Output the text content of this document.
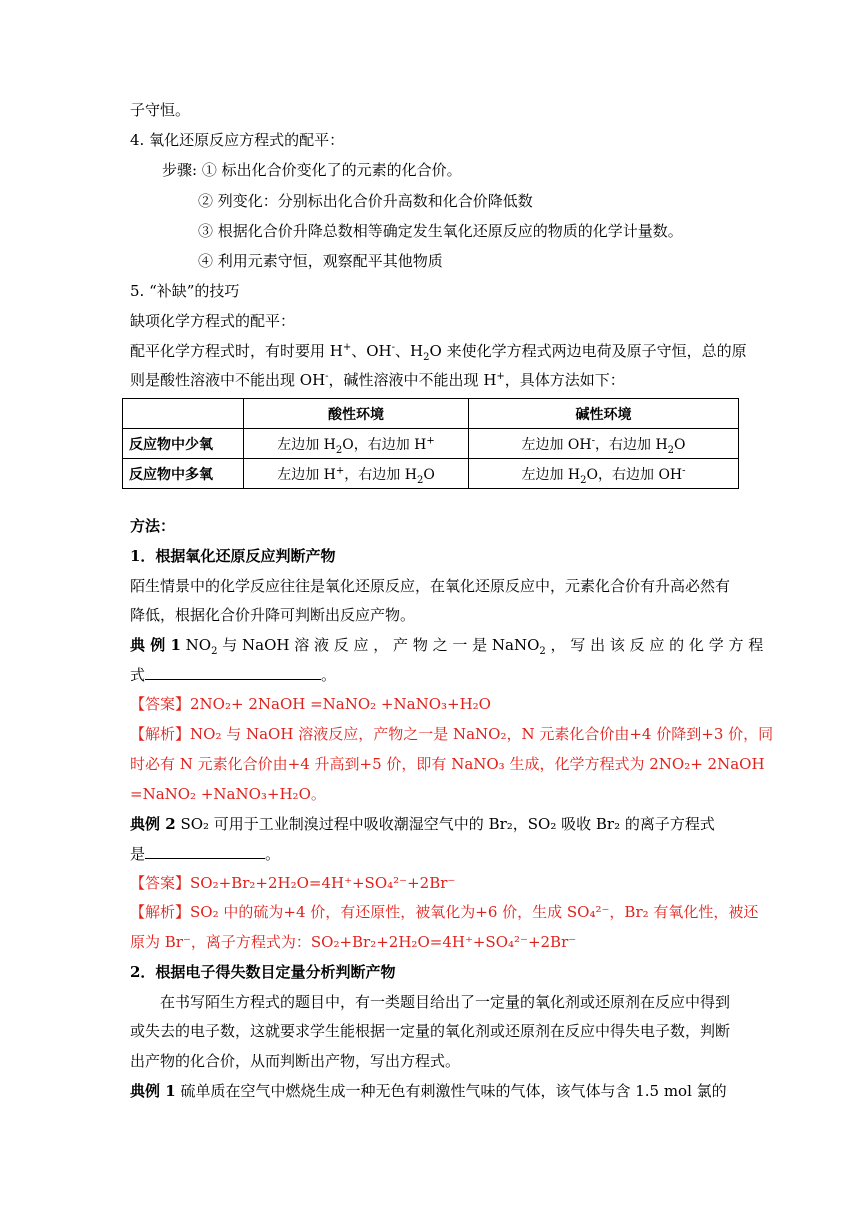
子守恒。
4. 氧化还原反应方程式的配平：
步骤: ① 标出化合价变化了的元素的化合价。
② 列变化：分别标出化合价升高数和化合价降低数
③ 根据化合价升降总数相等确定发生氧化还原反应的物质的化学计量数。
④ 利用元素守恒，观察配平其他物质
5. “补缺”的技巧
缺项化学方程式的配平：
配平化学方程式时，有时要用 H+、OH-、$H_2O$ 来使化学方程式两边电荷及原子守恒，总的原
则是酸性溶液中不能出现 OH-，碱性溶液中不能出现 H+，具体方法如下：
	酸性环境	碱性环境
反应物中少氧	左边加 $H_2O$，右边加 H+	左边加 OH-，右边加 $H_2O$
反应物中多氧	左边加 H+，右边加 $H_2O$	左边加 $H_2O$，右边加 OH-
方法：
1．根据氧化还原反应判断产物
陌生情景中的化学反应往往是氧化还原反应，在氧化还原反应中，元素化合价有升高必然有
降低，根据化合价升降可判断出反应产物。
典 例 1 $NO_2$ 与 NaOH 溶 液 反 应 ， 产 物 之 一 是 NaNO$_2$ ， 写 出 该 反 应 的 化 学 方 程
式	。
【答案】2NO₂+ 2NaOH =NaNO₂ +NaNO₃+H₂O
【解析】NO₂ 与 NaOH 溶液反应，产物之一是 NaNO₂，N 元素化合价由+4 价降到+3 价，同
时必有 N 元素化合价由+4 升高到+5 价，即有 NaNO₃ 生成，化学方程式为 2NO₂+ 2NaOH
=NaNO₂ +NaNO₃+H₂O。
典例 2 SO₂ 可用于工业制溴过程中吸收潮湿空气中的 Br₂，SO₂ 吸收 Br₂ 的离子方程式
是	。
【答案】SO₂+Br₂+2H₂O=4H⁺+SO₄²⁻+2Br⁻
【解析】SO₂ 中的硫为+4 价，有还原性，被氧化为+6 价，生成 SO₄²⁻，Br₂ 有氧化性，被还
原为 Br⁻，离子方程式为：SO₂+Br₂+2H₂O=4H⁺+SO₄²⁻+2Br⁻
2．根据电子得失数目定量分析判断产物
在书写陌生方程式的题目中，有一类题目给出了一定量的氧化剂或还原剂在反应中得到
或失去的电子数，这就要求学生能根据一定量的氧化剂或还原剂在反应中得失电子数，判断
出产物的化合价，从而判断出产物，写出方程式。
典例 1 硫单质在空气中燃烧生成一种无色有刺激性气味的气体，该气体与含 1.5 mol 氯的
